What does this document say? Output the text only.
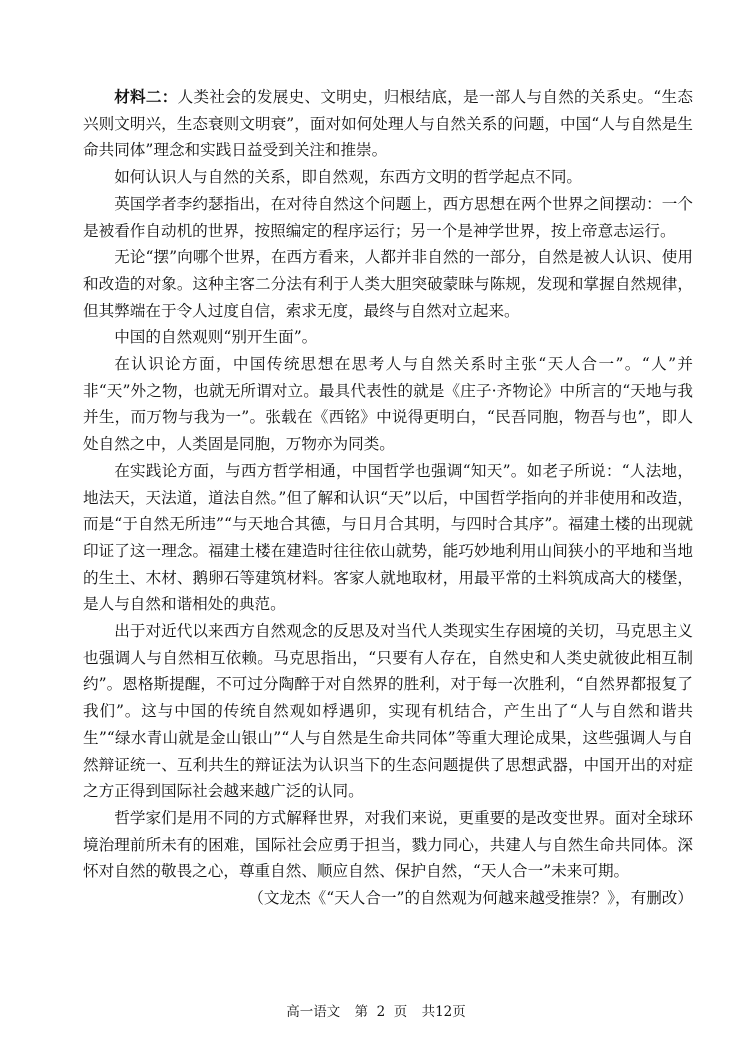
材料二：人类社会的发展史、文明史，归根结底，是一部人与自然的关系史。“生态兴则文明兴，生态衰则文明衰”，面对如何处理人与自然关系的问题，中国“人与自然是生命共同体”理念和实践日益受到关注和推崇。

如何认识人与自然的关系，即自然观，东西方文明的哲学起点不同。

英国学者李约瑟指出，在对待自然这个问题上，西方思想在两个世界之间摆动：一个是被看作自动机的世界，按照编定的程序运行；另一个是神学世界，按上帝意志运行。

无论“摆”向哪个世界，在西方看来，人都并非自然的一部分，自然是被人认识、使用和改造的对象。这种主客二分法有利于人类大胆突破蒙昧与陈规，发现和掌握自然规律，但其弊端在于令人过度自信，索求无度，最终与自然对立起来。

中国的自然观则“别开生面”。

在认识论方面，中国传统思想在思考人与自然关系时主张“天人合一”。“人”并非“天”外之物，也就无所谓对立。最具代表性的就是《庄子·齐物论》中所言的“天地与我并生，而万物与我为一”。张载在《西铭》中说得更明白，“民吾同胞，物吾与也”，即人处自然之中，人类固是同胞，万物亦为同类。

在实践论方面，与西方哲学相通，中国哲学也强调“知天”。如老子所说：“人法地，地法天，天法道，道法自然。”但了解和认识“天”以后，中国哲学指向的并非使用和改造，而是“于自然无所违”“与天地合其德，与日月合其明，与四时合其序”。福建土楼的出现就印证了这一理念。福建土楼在建造时往往依山就势，能巧妙地利用山间狭小的平地和当地的生土、木材、鹅卵石等建筑材料。客家人就地取材，用最平常的土料筑成高大的楼堡，是人与自然和谐相处的典范。

出于对近代以来西方自然观念的反思及对当代人类现实生存困境的关切，马克思主义也强调人与自然相互依赖。马克思指出，“只要有人存在，自然史和人类史就彼此相互制约”。恩格斯提醒，不可过分陶醉于对自然界的胜利，对于每一次胜利，“自然界都报复了我们”。这与中国的传统自然观如桴遇卯，实现有机结合，产生出了“人与自然和谐共生”“绿水青山就是金山银山”“人与自然是生命共同体”等重大理论成果，这些强调人与自然辩证统一、互利共生的辩证法为认识当下的生态问题提供了思想武器，中国开出的对症之方正得到国际社会越来越广泛的认同。

哲学家们是用不同的方式解释世界，对我们来说，更重要的是改变世界。面对全球环境治理前所未有的困难，国际社会应勇于担当，戮力同心，共建人与自然生命共同体。深怀对自然的敬畏之心，尊重自然、顺应自然、保护自然，“天人合一”未来可期。

（文龙杰《“天人合一”的自然观为何越来越受推崇？》，有删改）

高一语文 第  2  页 共12页
